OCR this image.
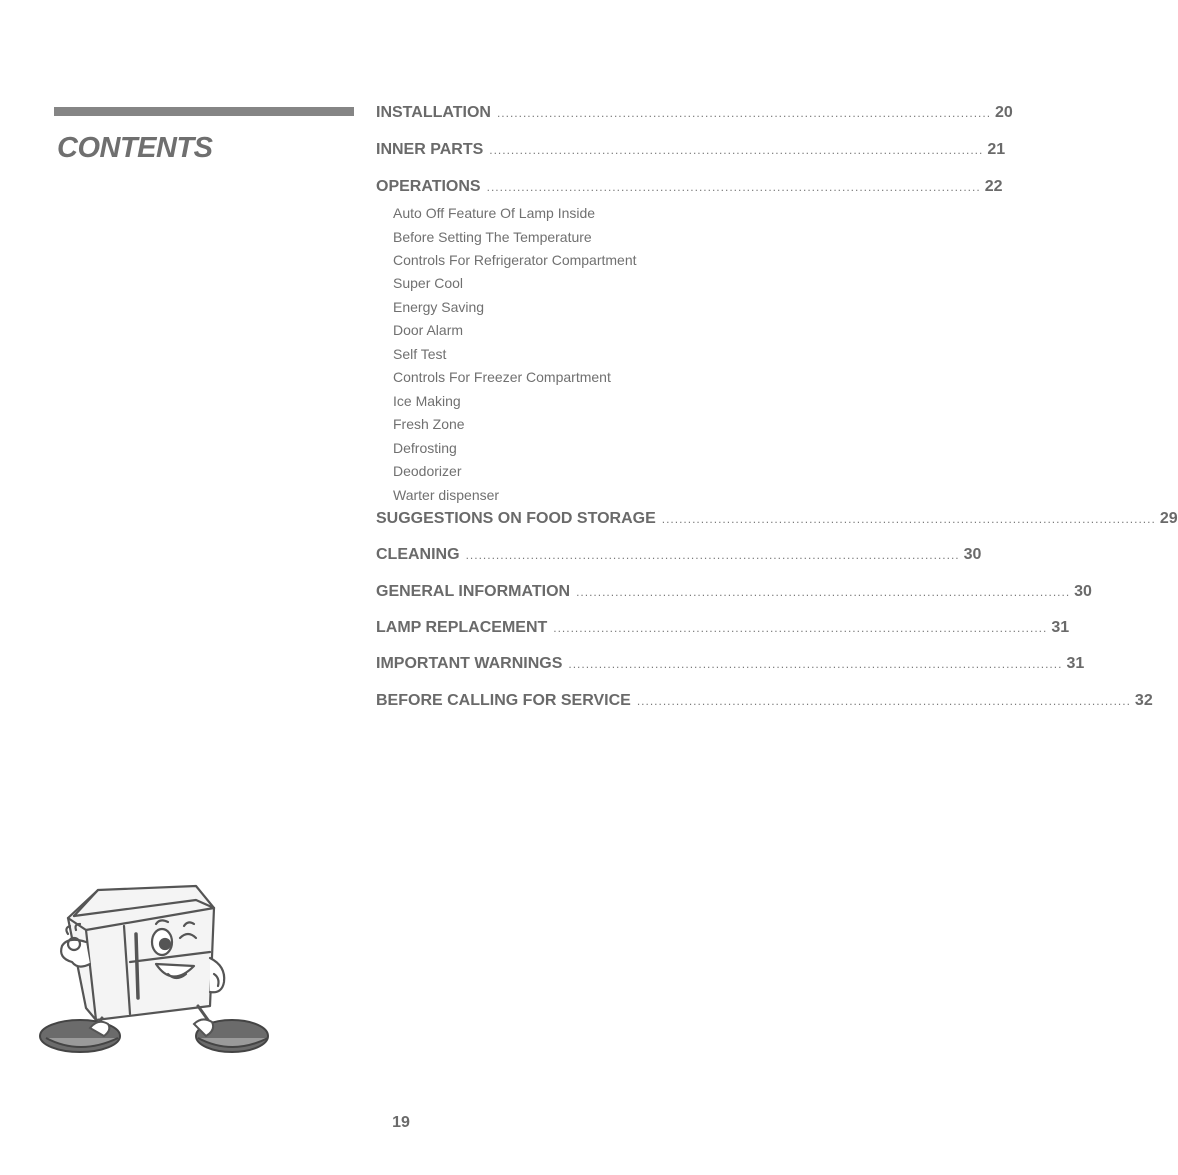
CONTENTS
INSTALLATION .................................................................................................................. 20
INNER PARTS .................................................................................................................. 21
OPERATIONS .................................................................................................................. 22
Auto Off Feature Of Lamp Inside
Before Setting The Temperature
Controls For Refrigerator Compartment
Super Cool
Energy Saving
Door Alarm
Self Test
Controls For Freezer Compartment
Ice Making
Fresh Zone
Defrosting
Deodorizer
Warter dispenser
SUGGESTIONS ON FOOD STORAGE .................................................................................................................. 29
CLEANING .................................................................................................................. 30
GENERAL INFORMATION .................................................................................................................. 30
LAMP REPLACEMENT .................................................................................................................. 31
IMPORTANT WARNINGS .................................................................................................................. 31
BEFORE CALLING FOR SERVICE .................................................................................................................. 32
19
